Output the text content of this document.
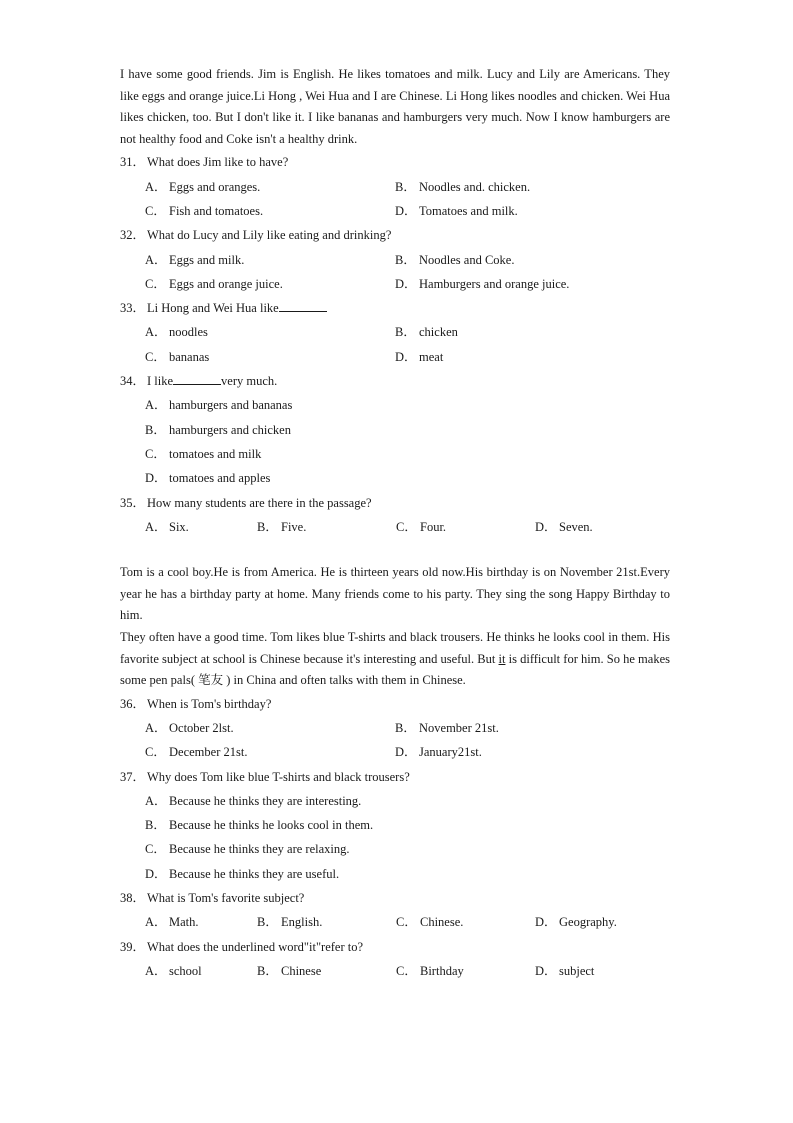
I have some good friends. Jim is English. He likes tomatoes and milk. Lucy and Lily are Americans. They like eggs and orange juice.Li Hong , Wei Hua and I are Chinese. Li Hong likes noodles and chicken. Wei Hua likes chicken, too. But I don't like it. I like bananas and hamburgers very much. Now I know hamburgers are not healthy food and Coke isn't a healthy drink.

31． What does Jim like to have?

A． Eggs and oranges.	B． Noodles and. chicken.
C． Fish and tomatoes.	D． Tomatoes and milk.

32． What do Lucy and Lily like eating and drinking?

A． Eggs and milk.	B． Noodles and Coke.
C． Eggs and orange juice.	D． Hamburgers and orange juice.

33． Li Hong and Wei Hua like

A． noodles	B． chicken
C． bananas	D． meat

34． I like	very much.

A． hamburgers and bananas
B． hamburgers and chicken
C． tomatoes and milk
D． tomatoes and apples

35． How many students are there in the passage?

A． Six.	B． Five.	C． Four.	D． Seven.

Tom is a cool boy.He is from America. He is thirteen years old now.His birthday is on November 21st.Every year he has a birthday party at home. Many friends come to his party. They sing the song Happy Birthday to him.

They often have a good time. Tom likes blue T-shirts and black trousers. He thinks he looks cool in them. His favorite subject at school is Chinese because it's interesting and useful. But it is difficult for him. So he makes some pen pals( 笔友 ) in China and often talks with them in Chinese.

36． When is Tom's birthday?

A． October 2lst.	B． November 21st.
C． December 21st.	D． January21st.

37． Why does Tom like blue T-shirts and black trousers?

A． Because he thinks they are interesting.
B． Because he thinks he looks cool in them.
C． Because he thinks they are relaxing.
D． Because he thinks they are useful.

38． What is Tom's favorite subject?

A． Math.	B． English.	C． Chinese.	D． Geography.

39． What does the underlined word"it"refer to?

A． school	B． Chinese	C． Birthday	D． subject
